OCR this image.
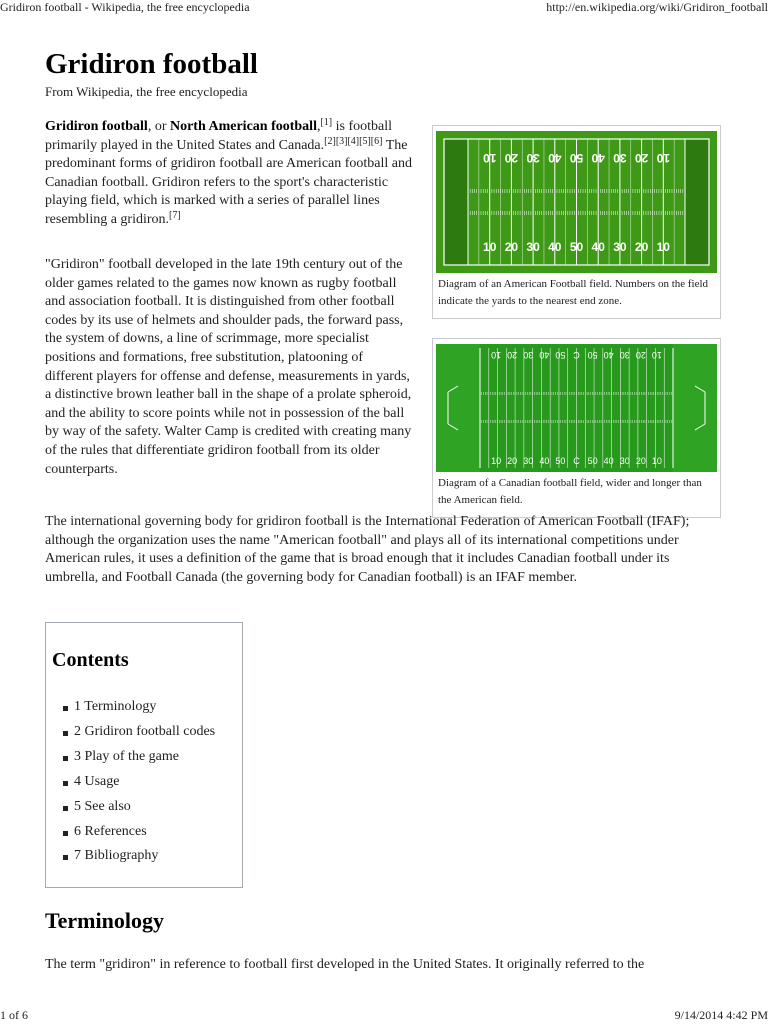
Gridiron football - Wikipedia, the free encyclopedia	http://en.wikipedia.org/wiki/Gridiron_football
Gridiron football
From Wikipedia, the free encyclopedia

Gridiron football, or North American football,[1] is football primarily played in the United States and Canada.[2][3][4][5][6] The predominant forms of gridiron football are American football and Canadian football. Gridiron refers to the sport's characteristic playing field, which is marked with a series of parallel lines resembling a gridiron.[7]

"Gridiron" football developed in the late 19th century out of the older games related to the games now known as rugby football and association football. It is distinguished from other football codes by its use of helmets and shoulder pads, the forward pass, the system of downs, a line of scrimmage, more specialist positions and formations, free substitution, platooning of different players for offense and defense, measurements in yards, a distinctive brown leather ball in the shape of a prolate spheroid, and the ability to score points while not in possession of the ball by way of the safety. Walter Camp is credited with creating many of the rules that differentiate gridiron football from its older counterparts.

10
10
20
20
30
30
40
40
50
50
40
40
30
30
20
20
10
10
Diagram of an American Football field. Numbers on the field indicate the yards to the nearest end zone.
10
10
20
20
30
30
40
40
50
50
C
C
50
50
40
40
30
30
20
20
10
10
Diagram of a Canadian football field, wider and longer than the American field.

The international governing body for gridiron football is the International Federation of American Football (IFAF); although the organization uses the name "American football" and plays all of its international competitions under American rules, it uses a definition of the game that is broad enough that it includes Canadian football under its umbrella, and Football Canada (the governing body for Canadian football) is an IFAF member.

Contents
1 Terminology
2 Gridiron football codes
3 Play of the game
4 Usage
5 See also
6 References
7 Bibliography
Terminology

The term "gridiron" in reference to football first developed in the United States. It originally referred to the

1 of 6	9/14/2014 4:42 PM
